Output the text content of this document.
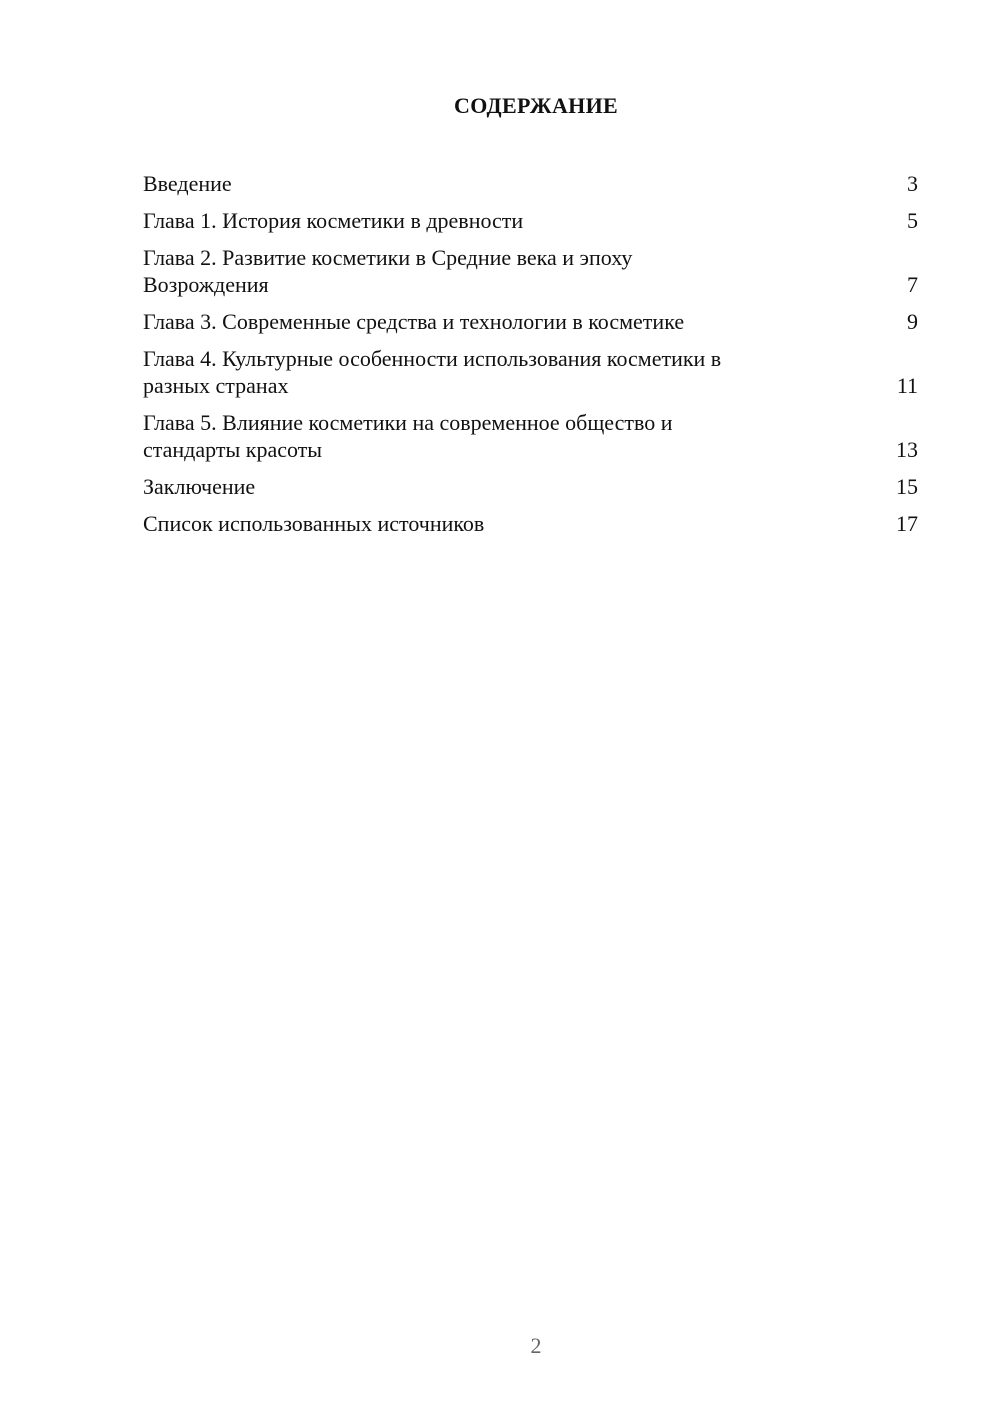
СОДЕРЖАНИЕ
Введение	3
Глава 1. История косметики в древности	5
Глава 2. Развитие косметики в Средние века и эпоху
Возрождения	7
Глава 3. Современные средства и технологии в косметике	9
Глава 4. Культурные особенности использования косметики в
разных странах	11
Глава 5. Влияние косметики на современное общество и
стандарты красоты	13
Заключение	15
Список использованных источников	17
2
